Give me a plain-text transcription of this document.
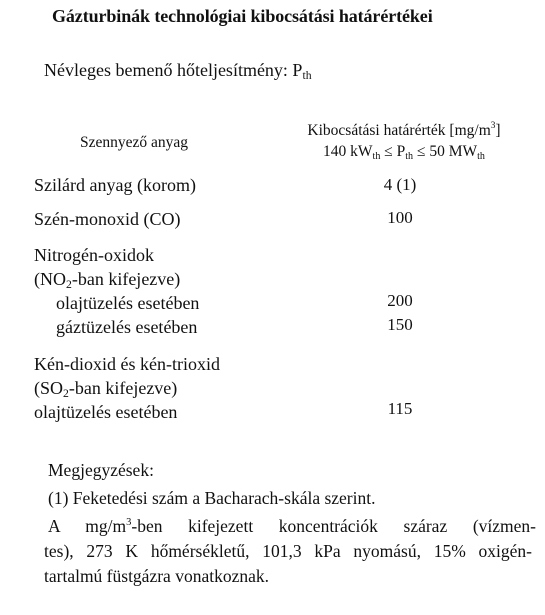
Gázturbinák technológiai kibocsátási határértékei
Névleges bemenő hőteljesítmény: $P_{th}$
Szennyező anyag
Kibocsátási határérték $[mg/m^3]$
140 $kW_{th} \le P_{th} \le 50$ $MW_{th}$
Szilárd anyag (korom)	4 (1)
Szén-monoxid (CO)	100
Nitrogén-oxidok
($NO_2$-ban kifejezve)
olajtüzelés esetében	200
gáztüzelés esetében	150
Kén-dioxid és kén-trioxid
($SO_2$-ban kifejezve)
olajtüzelés esetében	115
Megjegyzések:
(1) Feketedési szám a Bacharach-skála szerint.
A $mg/m^3$-ben kifejezett koncentrációk száraz (vízmen-
tes), 273 K hőmérsékletű, 101,3 kPa nyomású, 15% oxigén-
tartalmú füstgázra vonatkoznak.
